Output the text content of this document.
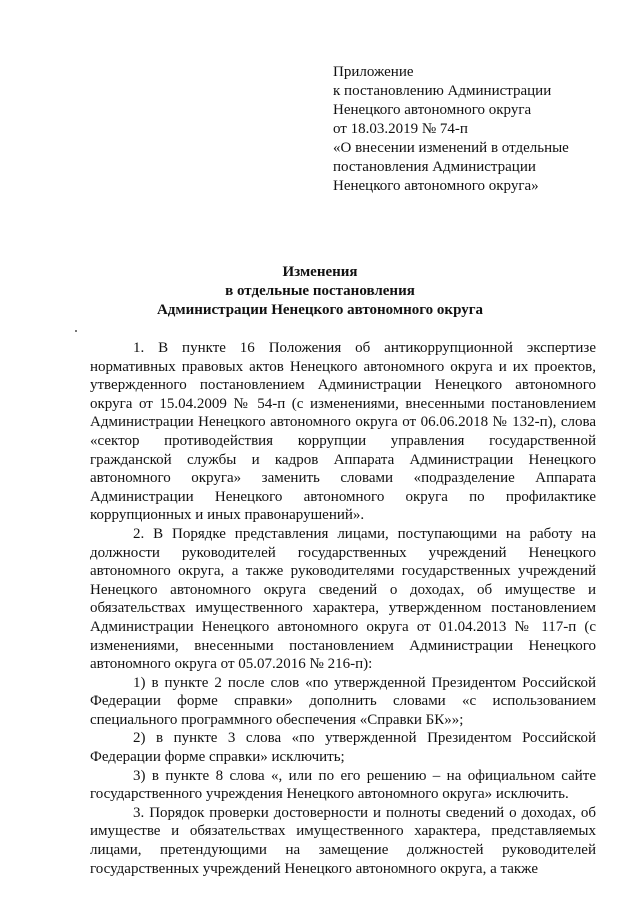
Приложение
к постановлению Администрации
Ненецкого автономного округа
от 18.03.2019 № 74-п
«О внесении изменений в отдельные
постановления Администрации
Ненецкого автономного округа»
Изменения
в отдельные постановления
Администрации Ненецкого автономного округа

1. В пункте 16 Положения об антикоррупционной экспертизе нормативных правовых актов Ненецкого автономного округа и их проектов, утвержденного постановлением Администрации Ненецкого автономного округа от 15.04.2009 № 54-п (с изменениями, внесенными постановлением Администрации Ненецкого автономного округа от 06.06.2018 № 132-п), слова «сектор противодействия коррупции управления государственной гражданской службы и кадров Аппарата Администрации Ненецкого автономного округа» заменить словами «подразделение Аппарата Администрации Ненецкого автономного округа по профилактике коррупционных и иных правонарушений».

2. В Порядке представления лицами, поступающими на работу на должности руководителей государственных учреждений Ненецкого автономного округа, а также руководителями государственных учреждений Ненецкого автономного округа сведений о доходах, об имуществе и обязательствах имущественного характера, утвержденном постановлением Администрации Ненецкого автономного округа от 01.04.2013 № 117-п (с изменениями, внесенными постановлением Администрации Ненецкого автономного округа от 05.07.2016 № 216-п):

1) в пункте 2 после слов «по утвержденной Президентом Российской Федерации форме справки» дополнить словами «с использованием специального программного обеспечения «Справки БК»»;

2) в пункте 3 слова «по утвержденной Президентом Российской Федерации форме справки» исключить;

3) в пункте 8 слова «, или по его решению – на официальном сайте государственного учреждения Ненецкого автономного округа» исключить.

3. Порядок проверки достоверности и полноты сведений о доходах, об имуществе и обязательствах имущественного характера, представляемых лицами, претендующими на замещение должностей руководителей государственных учреждений Ненецкого автономного округа, а также
